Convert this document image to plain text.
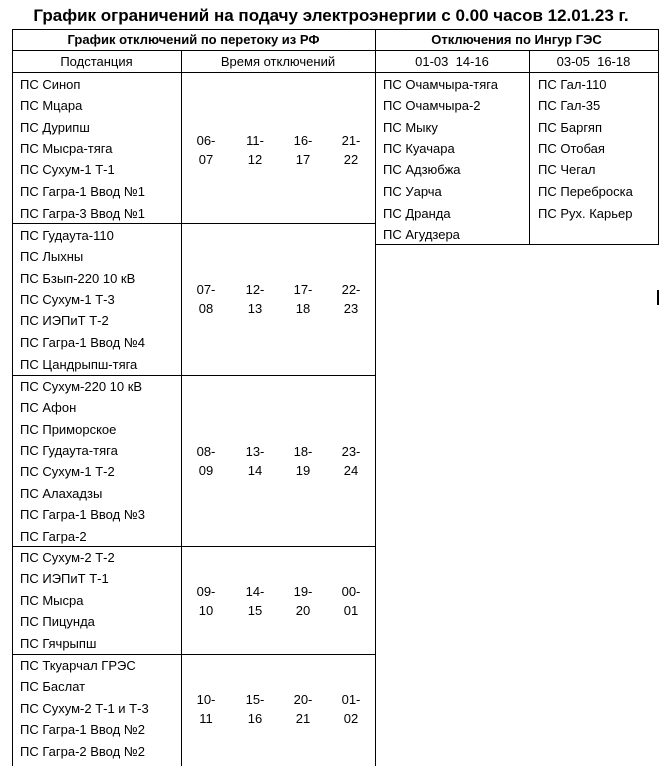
График ограничений на подачу электроэнергии с 0.00 часов 12.01.23 г.
График отключений по перетоку из РФ
Подстанция	Время отключений
Отключения по Ингур ГЭС
01-03  14-16	03-05  16-18
ПС Синоп
ПС Мцара
ПС Дурипш
ПС Мысра-тяга
ПС Сухум-1 Т-1
ПС Гагра-1 Ввод №1
ПС Гагра-3 Ввод №1
06-
07
11-
12
16-
17
21-
22
ПС Гудаута-110
ПС Лыхны
ПС Бзып-220 10 кВ
ПС Сухум-1 Т-3
ПС ИЭПиТ Т-2
ПС Гагра-1 Ввод №4
ПС Цандрыпш-тяга
07-
08
12-
13
17-
18
22-
23
ПС Сухум-220 10 кВ
ПС Афон
ПС Приморское
ПС Гудаута-тяга
ПС Сухум-1 Т-2
ПС Алахадзы
ПС Гагра-1 Ввод №3
ПС Гагра-2
08-
09
13-
14
18-
19
23-
24
ПС Сухум-2 Т-2
ПС ИЭПиТ Т-1
ПС Мысра
ПС Пицунда
ПС Гячрыпш
09-
10
14-
15
19-
20
00-
01
ПС Ткуарчал ГРЭС
ПС Баслат
ПС Сухум-2 Т-1 и Т-3
ПС Гагра-1 Ввод №2
ПС Гагра-2 Ввод №2
10-
11
15-
16
20-
21
01-
02
ПС Очамчыра-тяга
ПС Очамчыра-2
ПС Мыку
ПС Куачара
ПС Адзюбжа
ПС Уарча
ПС Дранда
ПС Агудзера
ПС Гал-110
ПС Гал-35
ПС Баргяп
ПС Отобая
ПС Чегал
ПС Переброска
ПС Рух. Карьер
